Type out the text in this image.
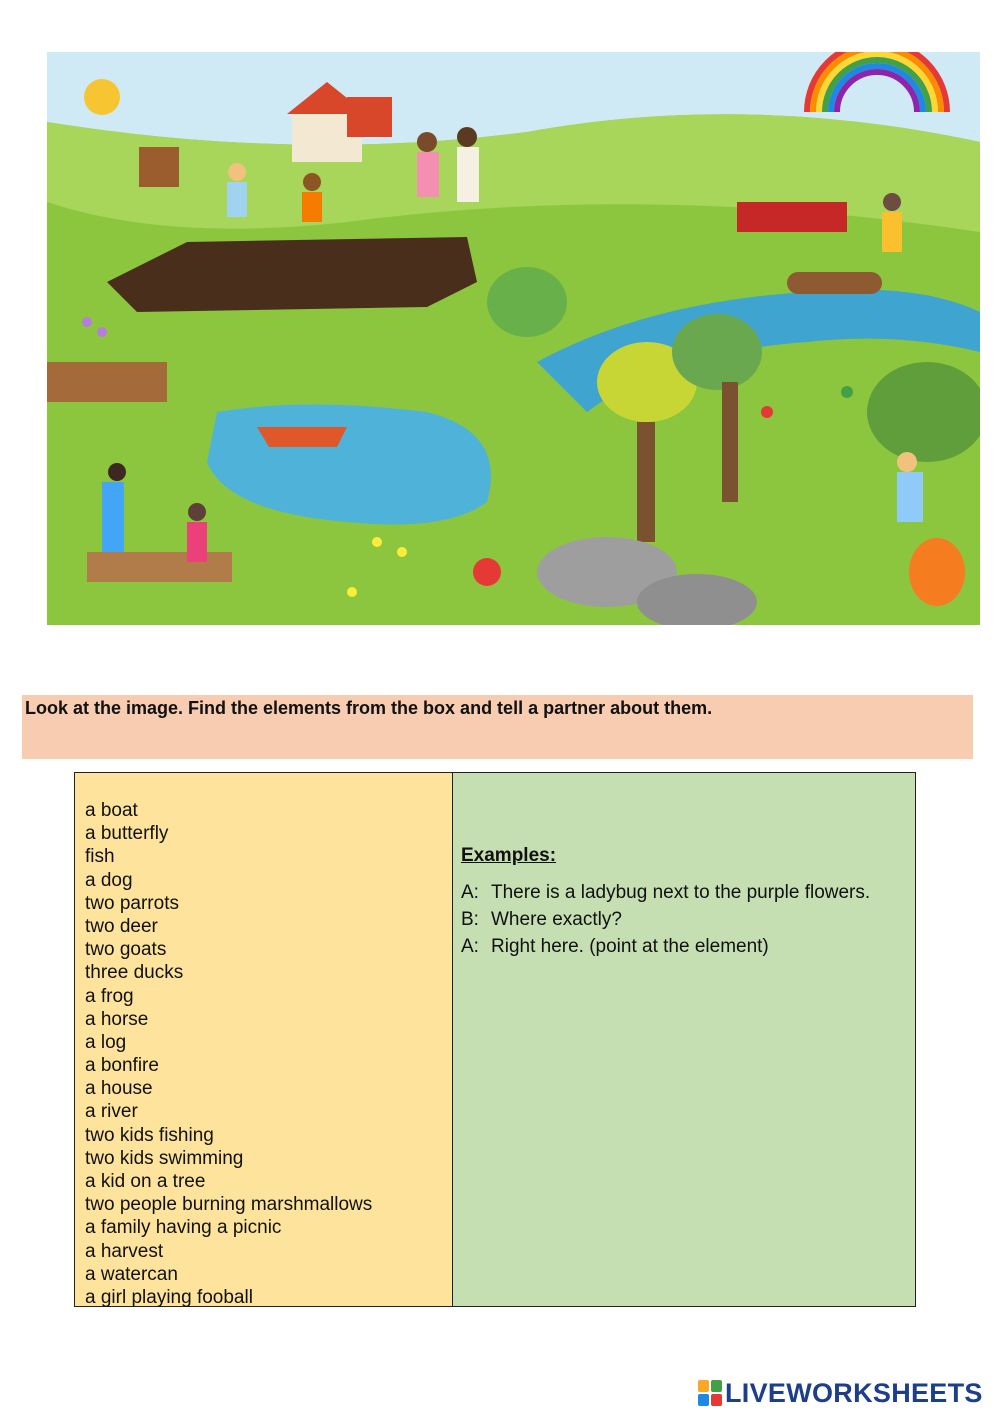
Look at the image. Find the elements from the box and tell a partner about them.
a boat
a butterfly
fish
a dog
two parrots
two deer
two goats
three ducks
a frog
a horse
a log
a bonfire
a house
a river
two kids fishing
two kids swimming
a kid on a tree
two people burning marshmallows
a family having a picnic
a harvest
a watercan
a girl playing fooball
Examples:
A: There is a ladybug next to the purple flowers.
B: Where exactly?
A: Right here. (point at the element)
LIVEWORKSHEETS
